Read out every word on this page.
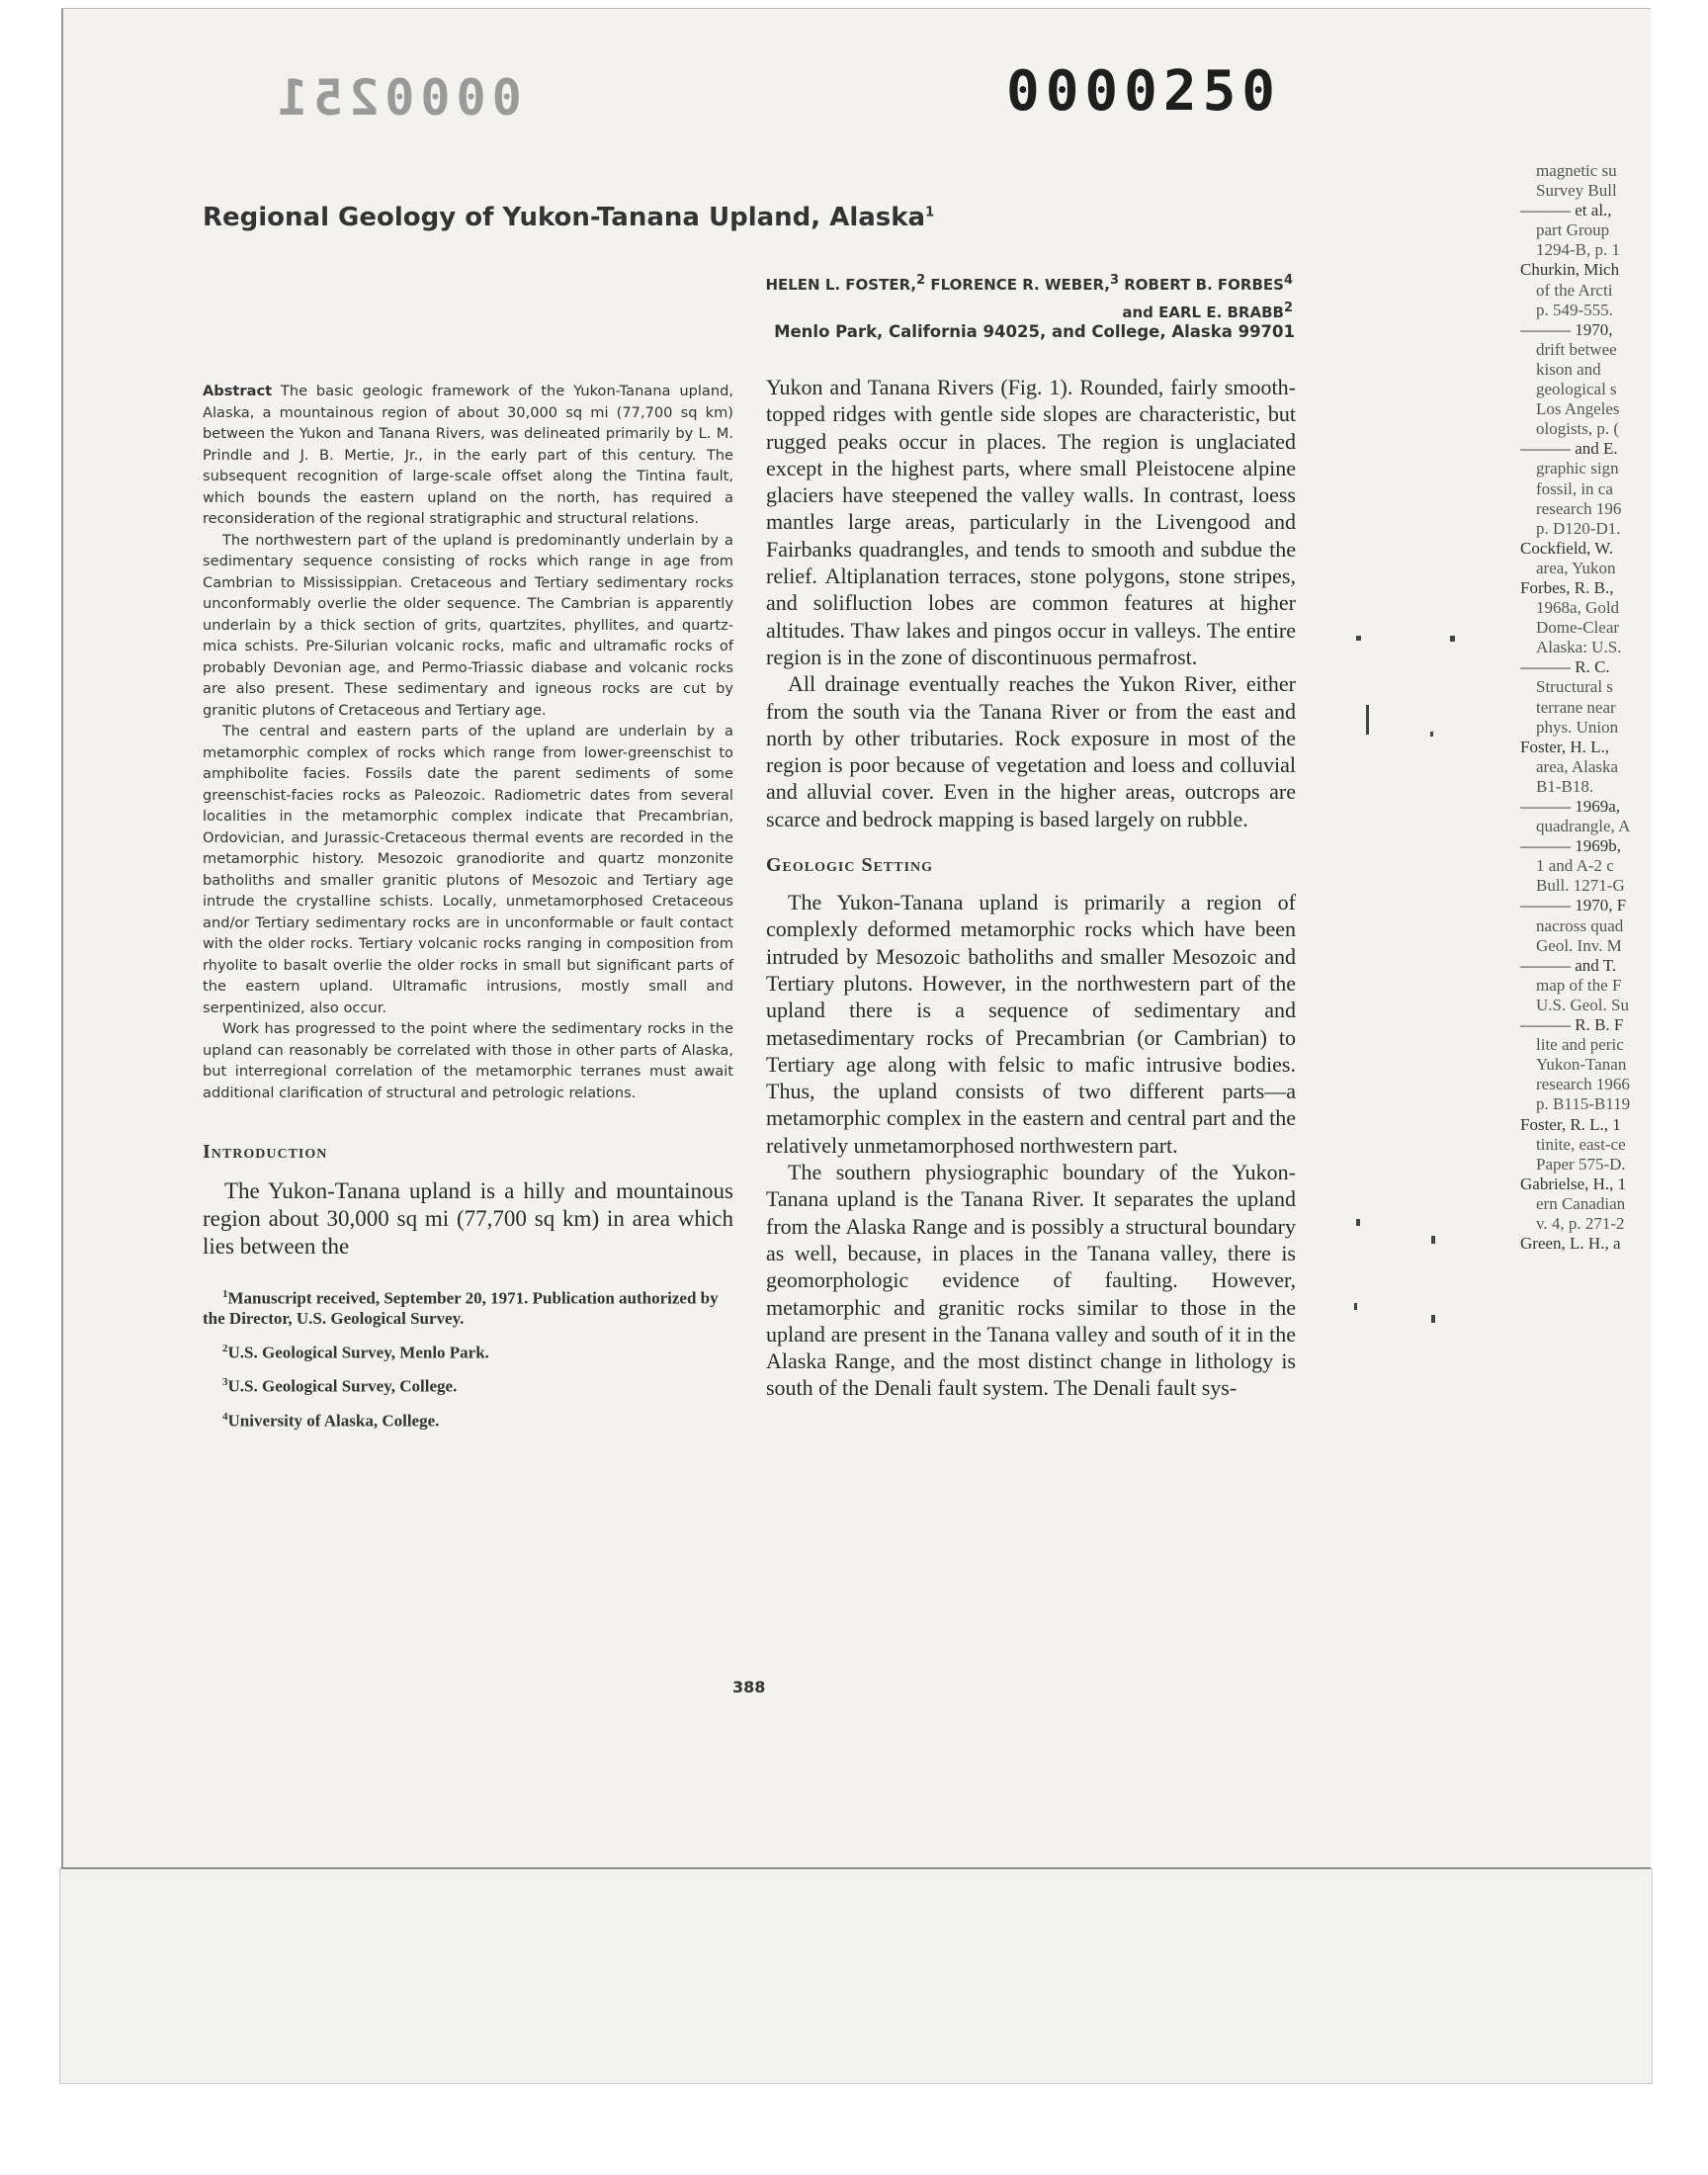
0000251	0000250
Regional Geology of Yukon-Tanana Upland, Alaska$^1$
HELEN L. FOSTER,$^2$ FLORENCE R. WEBER,$^3$ ROBERT B. FORBES$^4$
and EARL E. BRABB$^2$
Menlo Park, California 94025, and College, Alaska 99701

Abstract The basic geologic framework of the Yukon-Tanana upland, Alaska, a mountainous region of about 30,000 sq mi (77,700 sq km) between the Yukon and Tanana Rivers, was delineated primarily by L. M. Prindle and J. B. Mertie, Jr., in the early part of this century. The subsequent recognition of large-scale offset along the Tintina fault, which bounds the eastern upland on the north, has required a reconsideration of the regional stratigraphic and structural relations.

The northwestern part of the upland is predominantly underlain by a sedimentary sequence consisting of rocks which range in age from Cambrian to Mississippian. Cretaceous and Tertiary sedimentary rocks unconformably overlie the older sequence. The Cambrian is apparently underlain by a thick section of grits, quartzites, phyllites, and quartz-mica schists. Pre-Silurian volcanic rocks, mafic and ultramafic rocks of probably Devonian age, and Permo-Triassic diabase and volcanic rocks are also present. These sedimentary and igneous rocks are cut by granitic plutons of Cretaceous and Tertiary age.

The central and eastern parts of the upland are underlain by a metamorphic complex of rocks which range from lower-greenschist to amphibolite facies. Fossils date the parent sediments of some greenschist-facies rocks as Paleozoic. Radiometric dates from several localities in the metamorphic complex indicate that Precambrian, Ordovician, and Jurassic-Cretaceous thermal events are recorded in the metamorphic history. Mesozoic granodiorite and quartz monzonite batholiths and smaller granitic plutons of Mesozoic and Tertiary age intrude the crystalline schists. Locally, unmetamorphosed Cretaceous and/or Tertiary sedimentary rocks are in unconformable or fault contact with the older rocks. Tertiary volcanic rocks ranging in composition from rhyolite to basalt overlie the older rocks in small but significant parts of the eastern upland. Ultramafic intrusions, mostly small and serpentinized, also occur.

Work has progressed to the point where the sedimentary rocks in the upland can reasonably be correlated with those in other parts of Alaska, but interregional correlation of the metamorphic terranes must await additional clarification of structural and petrologic relations.

Introduction

The Yukon-Tanana upland is a hilly and mountainous region about 30,000 sq mi (77,700 sq km) in area which lies between the

$^1$Manuscript received, September 20, 1971. Publication authorized by the Director, U.S. Geological Survey.

$^2$U.S. Geological Survey, Menlo Park.

$^3$U.S. Geological Survey, College.

$^4$University of Alaska, College.

Yukon and Tanana Rivers (Fig. 1). Rounded, fairly smooth-topped ridges with gentle side slopes are characteristic, but rugged peaks occur in places. The region is unglaciated except in the highest parts, where small Pleistocene alpine glaciers have steepened the valley walls. In contrast, loess mantles large areas, particularly in the Livengood and Fairbanks quadrangles, and tends to smooth and subdue the relief. Altiplanation terraces, stone polygons, stone stripes, and solifluction lobes are common features at higher altitudes. Thaw lakes and pingos occur in valleys. The entire region is in the zone of discontinuous permafrost.

All drainage eventually reaches the Yukon River, either from the south via the Tanana River or from the east and north by other tributaries. Rock exposure in most of the region is poor because of vegetation and loess and colluvial and alluvial cover. Even in the higher areas, outcrops are scarce and bedrock mapping is based largely on rubble.

Geologic Setting

The Yukon-Tanana upland is primarily a region of complexly deformed metamorphic rocks which have been intruded by Mesozoic batholiths and smaller Mesozoic and Tertiary plutons. However, in the northwestern part of the upland there is a sequence of sedimentary and metasedimentary rocks of Precambrian (or Cambrian) to Tertiary age along with felsic to mafic intrusive bodies. Thus, the upland consists of two different parts—a metamorphic complex in the eastern and central part and the relatively unmetamorphosed northwestern part.

The southern physiographic boundary of the Yukon-Tanana upland is the Tanana River. It separates the upland from the Alaska Range and is possibly a structural boundary as well, because, in places in the Tanana valley, there is geomorphologic evidence of faulting. However, metamorphic and granitic rocks similar to those in the upland are present in the Tanana valley and south of it in the Alaska Range, and the most distinct change in lithology is south of the Denali fault system. The Denali fault sys-

388
magnetic su
Survey Bull
——— et al.,
part Group
1294-B, p. 1
Churkin, Mich
of the Arcti
p. 549-555.
——— 1970,
drift betwee
kison and
geological s
Los Angeles
ologists, p. (
——— and E.
graphic sign
fossil, in ca
research 196
p. D120-D1.
Cockfield, W.
area, Yukon
Forbes, R. B.,
1968a, Gold
Dome-Clear
Alaska: U.S.
——— R. C.
Structural s
terrane near
phys. Union
Foster, H. L.,
area, Alaska
B1-B18.
——— 1969a,
quadrangle, A
——— 1969b,
1 and A-2 c
Bull. 1271-G
——— 1970, F
nacross quad
Geol. Inv. M
——— and T.
map of the F
U.S. Geol. Su
——— R. B. F
lite and peric
Yukon-Tanan
research 1966
p. B115-B119
Foster, R. L., 1
tinite, east-ce
Paper 575-D.
Gabrielse, H., 1
ern Canadian
v. 4, p. 271-2
Green, L. H., a
